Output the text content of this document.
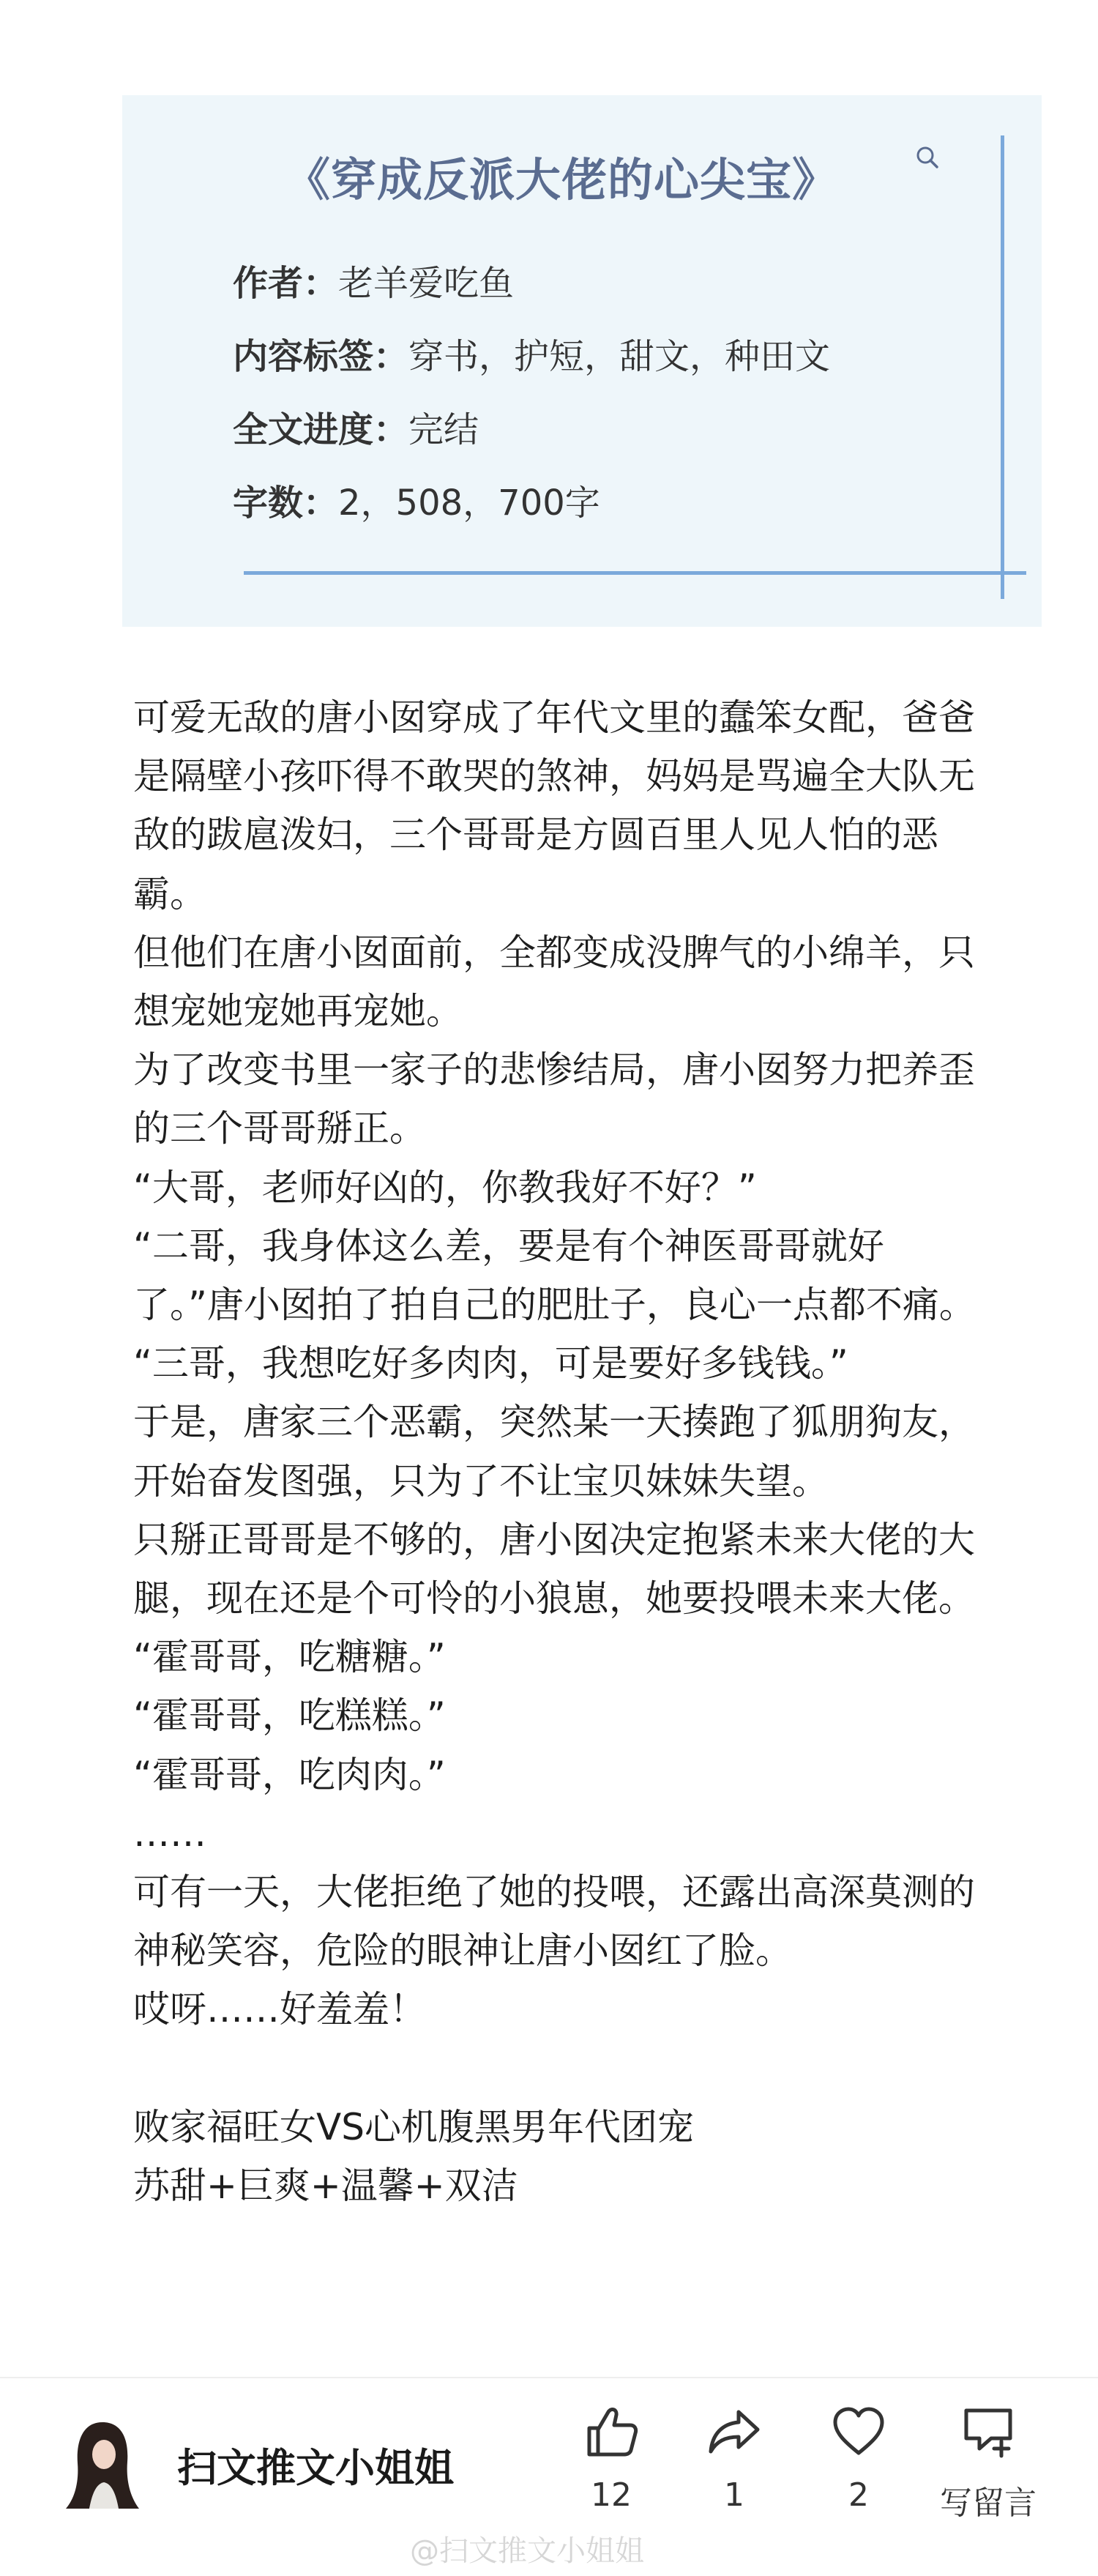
《穿成反派大佬的心尖宝》
作者：老羊爱吃鱼
内容标签：穿书，护短，甜文，种田文
全文进度：完结
字数：2，508，700字

可爱无敌的唐小囡穿成了年代文里的蠢笨女配，爸爸是隔壁小孩吓得不敢哭的煞神，妈妈是骂遍全大队无敌的跋扈泼妇，三个哥哥是方圆百里人见人怕的恶霸。

但他们在唐小囡面前，全都变成没脾气的小绵羊，只想宠她宠她再宠她。

为了改变书里一家子的悲惨结局，唐小囡努力把养歪的三个哥哥掰正。

“大哥，老师好凶的，你教我好不好？”

“二哥，我身体这么差，要是有个神医哥哥就好了。”唐小囡拍了拍自己的肥肚子，良心一点都不痛。

“三哥，我想吃好多肉肉，可是要好多钱钱。”

于是，唐家三个恶霸，突然某一天揍跑了狐朋狗友，开始奋发图强，只为了不让宝贝妹妹失望。

只掰正哥哥是不够的，唐小囡决定抱紧未来大佬的大腿，现在还是个可怜的小狼崽，她要投喂未来大佬。

“霍哥哥，吃糖糖。”

“霍哥哥，吃糕糕。”

“霍哥哥，吃肉肉。”

……

可有一天，大佬拒绝了她的投喂，还露出高深莫测的神秘笑容，危险的眼神让唐小囡红了脸。

哎呀……好羞羞！

败家福旺女VS心机腹黑男年代团宠

苏甜+巨爽+温馨+双洁

扫文推文小姐姐
12	1	2	写留言
@扫文推文小姐姐
